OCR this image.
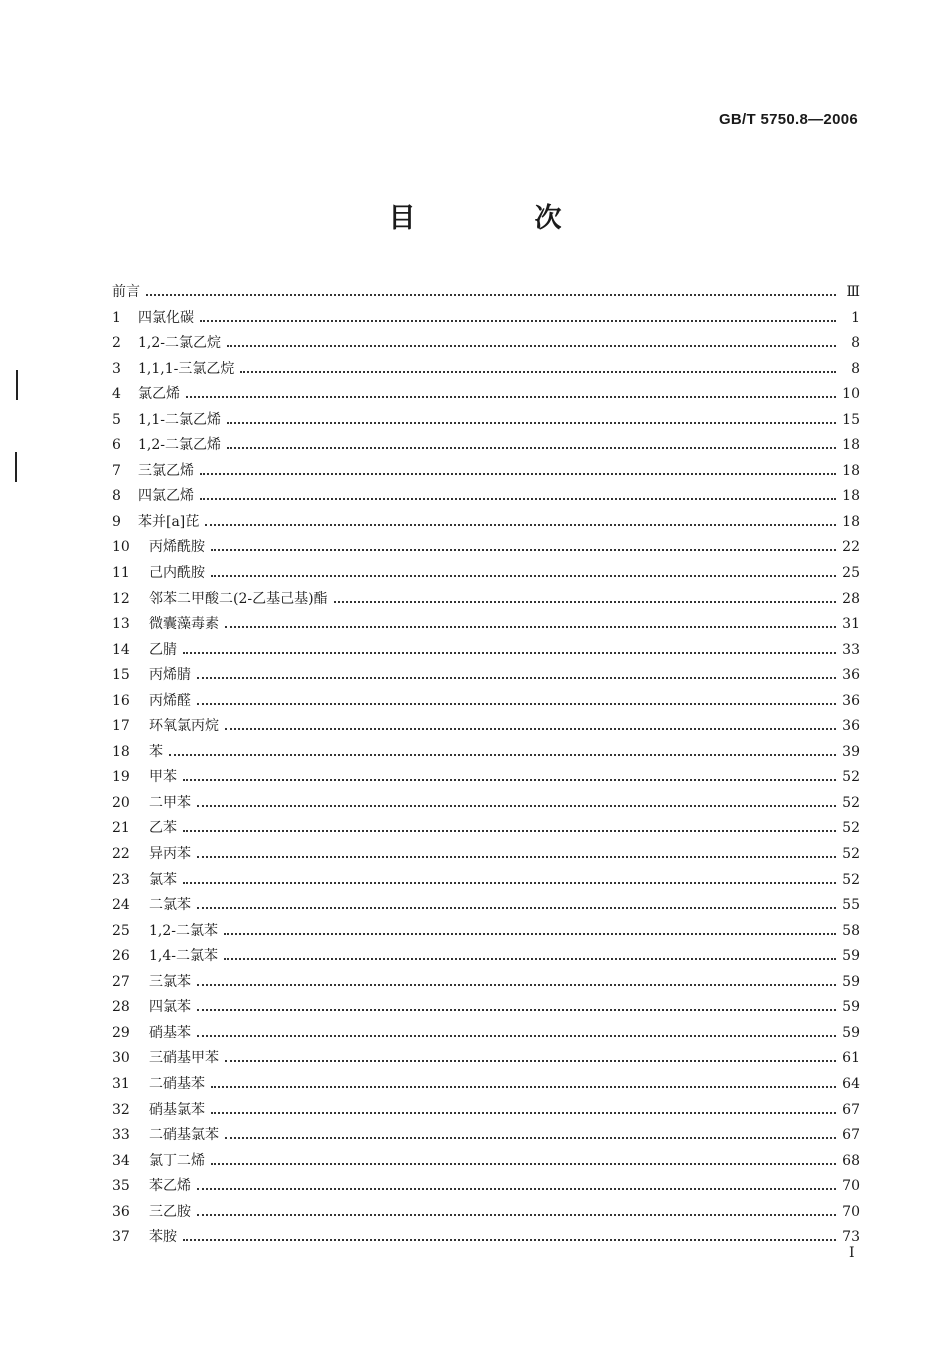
GB/T 5750.8—2006
目　次
前言	Ⅲ
1	四氯化碳	1
2	1,2-二氯乙烷	8
3	1,1,1-三氯乙烷	8
4	氯乙烯	10
5	1,1-二氯乙烯	15
6	1,2-二氯乙烯	18
7	三氯乙烯	18
8	四氯乙烯	18
9	苯并[a]芘	18
10	丙烯酰胺	22
11	己内酰胺	25
12	邻苯二甲酸二(2-乙基己基)酯	28
13	微囊藻毒素	31
14	乙腈	33
15	丙烯腈	36
16	丙烯醛	36
17	环氧氯丙烷	36
18	苯	39
19	甲苯	52
20	二甲苯	52
21	乙苯	52
22	异丙苯	52
23	氯苯	52
24	二氯苯	55
25	1,2-二氯苯	58
26	1,4-二氯苯	59
27	三氯苯	59
28	四氯苯	59
29	硝基苯	59
30	三硝基甲苯	61
31	二硝基苯	64
32	硝基氯苯	67
33	二硝基氯苯	67
34	氯丁二烯	68
35	苯乙烯	70
36	三乙胺	70
37	苯胺	73
I
